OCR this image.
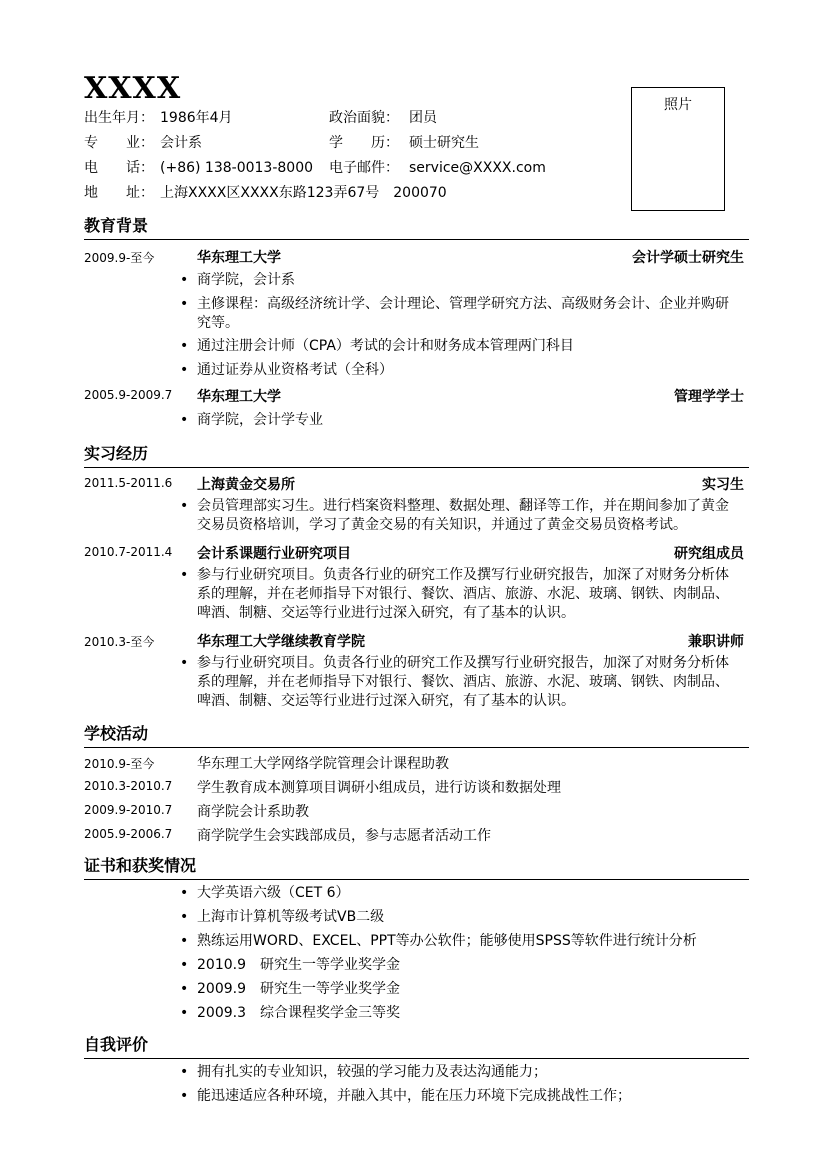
XXXX
出生年月： 1986年4月	政治面貌： 团员
专　　业： 会计系	学　　历： 硕士研究生
电　　话： (+86) 138-0013-8000 电子邮件： service@XXXX.com
地　　址： 上海XXXX区XXXX东路123弄67号　200070
照片
教育背景
2009.9-至今	华东理工大学	会计学硕士研究生
• 商学院，会计系
• 主修课程：高级经济统计学、会计理论、管理学研究方法、高级财务会计、企业并购研究等。
• 通过注册会计师（CPA）考试的会计和财务成本管理两门科目
• 通过证券从业资格考试（全科）
2005.9-2009.7 华东理工大学	管理学学士
• 商学院，会计学专业
实习经历
2011.5-2011.6 上海黄金交易所	实习生
• 会员管理部实习生。进行档案资料整理、数据处理、翻译等工作，并在期间参加了黄金交易员资格培训，学习了黄金交易的有关知识，并通过了黄金交易员资格考试。
2010.7-2011.4 会计系课题行业研究项目	研究组成员
• 参与行业研究项目。负责各行业的研究工作及撰写行业研究报告，加深了对财务分析体系的理解，并在老师指导下对银行、餐饮、酒店、旅游、水泥、玻璃、钢铁、肉制品、啤酒、制糖、交运等行业进行过深入研究，有了基本的认识。
2010.3-至今	华东理工大学继续教育学院	兼职讲师
• 参与行业研究项目。负责各行业的研究工作及撰写行业研究报告，加深了对财务分析体系的理解，并在老师指导下对银行、餐饮、酒店、旅游、水泥、玻璃、钢铁、肉制品、啤酒、制糖、交运等行业进行过深入研究，有了基本的认识。
学校活动
2010.9-至今	华东理工大学网络学院管理会计课程助教
2010.3-2010.7 学生教育成本测算项目调研小组成员，进行访谈和数据处理
2009.9-2010.7 商学院会计系助教
2005.9-2006.7 商学院学生会实践部成员，参与志愿者活动工作
证书和获奖情况
• 大学英语六级（CET 6）
• 上海市计算机等级考试VB二级
• 熟练运用WORD、EXCEL、PPT等办公软件；能够使用SPSS等软件进行统计分析
• 2010.9　研究生一等学业奖学金
• 2009.9　研究生一等学业奖学金
• 2009.3　综合课程奖学金三等奖
自我评价
• 拥有扎实的专业知识，较强的学习能力及表达沟通能力；
• 能迅速适应各种环境，并融入其中，能在压力环境下完成挑战性工作；
